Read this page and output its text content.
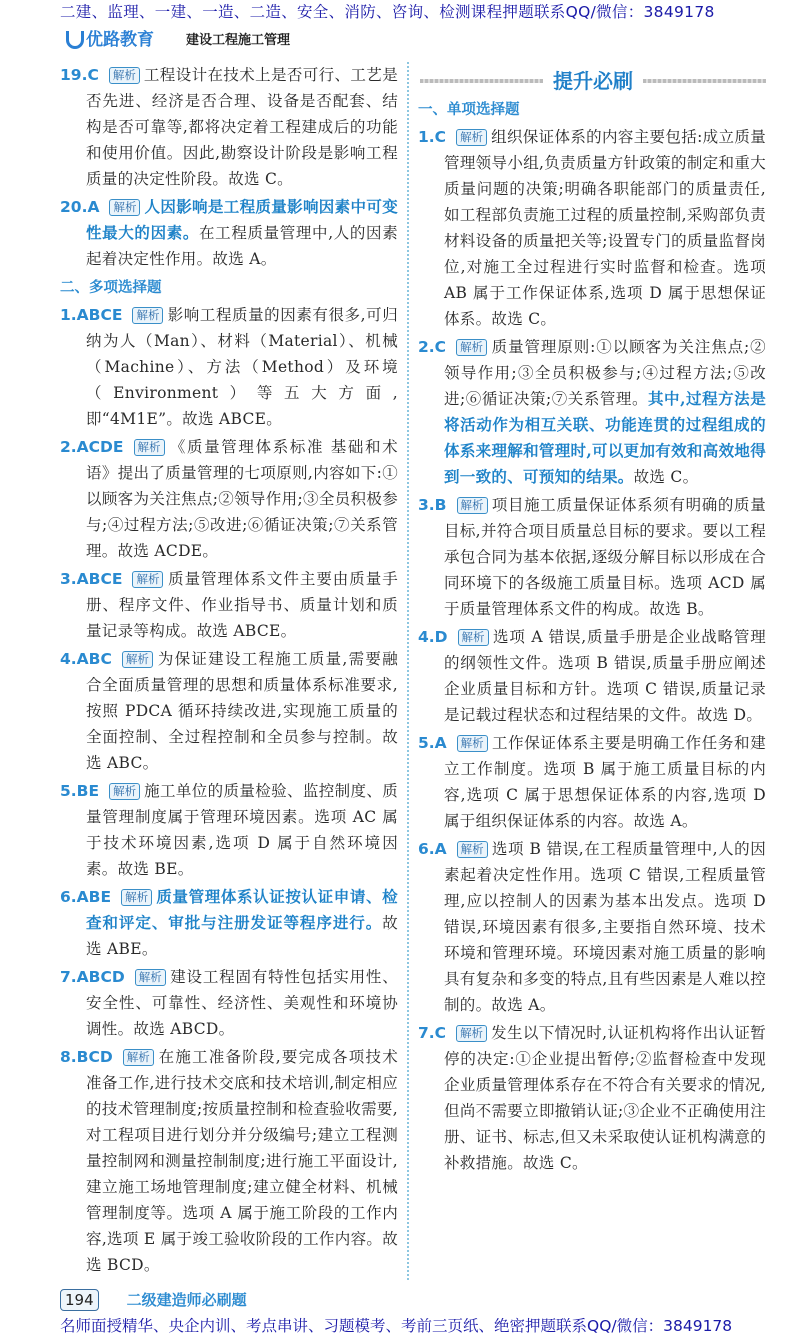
二建、监理、一建、一造、二造、安全、消防、咨询、检测课程押题联系QQ/微信：3849178
优路教育 建设工程施工管理
19.C 解析 工程设计在技术上是否可行、工艺是否先进、经济是否合理、设备是否配套、结构是否可靠等,都将决定着工程建成后的功能和使用价值。因此,勘察设计阶段是影响工程质量的决定性阶段。故选 C。
20.A 解析 人因影响是工程质量影响因素中可变性最大的因素。在工程质量管理中,人的因素起着决定性作用。故选 A。
二、多项选择题
1.ABCE 解析 影响工程质量的因素有很多,可归纳为人（Man）、材料（Material）、机械（Machine）、方法（Method）及环境（Environment）等五大方面,即“4M1E”。故选 ABCE。
2.ACDE 解析 《质量管理体系标准 基础和术语》提出了质量管理的七项原则,内容如下:①以顾客为关注焦点;②领导作用;③全员积极参与;④过程方法;⑤改进;⑥循证决策;⑦关系管理。故选 ACDE。
3.ABCE 解析 质量管理体系文件主要由质量手册、程序文件、作业指导书、质量计划和质量记录等构成。故选 ABCE。
4.ABC 解析 为保证建设工程施工质量,需要融合全面质量管理的思想和质量体系标准要求,按照 PDCA 循环持续改进,实现施工质量的全面控制、全过程控制和全员参与控制。故选 ABC。
5.BE 解析 施工单位的质量检验、监控制度、质量管理制度属于管理环境因素。选项 AC 属于技术环境因素,选项 D 属于自然环境因素。故选 BE。
6.ABE 解析 质量管理体系认证按认证申请、检查和评定、审批与注册发证等程序进行。故选 ABE。
7.ABCD 解析 建设工程固有特性包括实用性、安全性、可靠性、经济性、美观性和环境协调性。故选 ABCD。
8.BCD 解析 在施工准备阶段,要完成各项技术准备工作,进行技术交底和技术培训,制定相应的技术管理制度;按质量控制和检查验收需要,对工程项目进行划分并分级编号;建立工程测量控制网和测量控制制度;进行施工平面设计,建立施工场地管理制度;建立健全材料、机械管理制度等。选项 A 属于施工阶段的工作内容,选项 E 属于竣工验收阶段的工作内容。故选 BCD。
提升必刷
一、单项选择题
1.C 解析 组织保证体系的内容主要包括:成立质量管理领导小组,负责质量方针政策的制定和重大质量问题的决策;明确各职能部门的质量责任,如工程部负责施工过程的质量控制,采购部负责材料设备的质量把关等;设置专门的质量监督岗位,对施工全过程进行实时监督和检查。选项 AB 属于工作保证体系,选项 D 属于思想保证体系。故选 C。
2.C 解析 质量管理原则:①以顾客为关注焦点;②领导作用;③全员积极参与;④过程方法;⑤改进;⑥循证决策;⑦关系管理。其中,过程方法是将活动作为相互关联、功能连贯的过程组成的体系来理解和管理时,可以更加有效和高效地得到一致的、可预知的结果。故选 C。
3.B 解析 项目施工质量保证体系须有明确的质量目标,并符合项目质量总目标的要求。要以工程承包合同为基本依据,逐级分解目标以形成在合同环境下的各级施工质量目标。选项 ACD 属于质量管理体系文件的构成。故选 B。
4.D 解析 选项 A 错误,质量手册是企业战略管理的纲领性文件。选项 B 错误,质量手册应阐述企业质量目标和方针。选项 C 错误,质量记录是记载过程状态和过程结果的文件。故选 D。
5.A 解析 工作保证体系主要是明确工作任务和建立工作制度。选项 B 属于施工质量目标的内容,选项 C 属于思想保证体系的内容,选项 D 属于组织保证体系的内容。故选 A。
6.A 解析 选项 B 错误,在工程质量管理中,人的因素起着决定性作用。选项 C 错误,工程质量管理,应以控制人的因素为基本出发点。选项 D 错误,环境因素有很多,主要指自然环境、技术环境和管理环境。环境因素对施工质量的影响具有复杂和多变的特点,且有些因素是人难以控制的。故选 A。
7.C 解析 发生以下情况时,认证机构将作出认证暂停的决定:①企业提出暂停;②监督检查中发现企业质量管理体系存在不符合有关要求的情况,但尚不需要立即撤销认证;③企业不正确使用注册、证书、标志,但又未采取使认证机构满意的补救措施。故选 C。
194	二级建造师必刷题
名师面授精华、央企内训、考点串讲、习题模考、考前三页纸、绝密押题联系QQ/微信：3849178
